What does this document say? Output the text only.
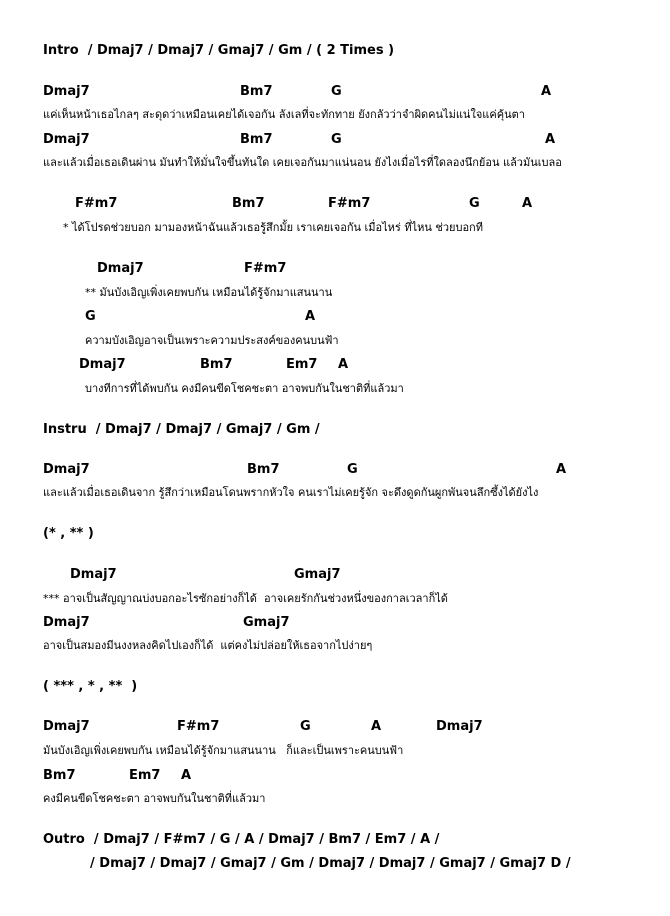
Intro  / Dmaj7 / Dmaj7 / Gmaj7 / Gm / ( 2 Times )
Dmaj7	Bm7	G	A
แค่เห็นหน้าเธอไกลๆ สะดุดว่าเหมือนเคยได้เจอกัน ลังเลที่จะทักทาย ยังกลัวว่าจำผิดคนไม่แน่ใจแค่คุ้นตา
Dmaj7	Bm7	G	A
และแล้วเมื่อเธอเดินผ่าน มันทำให้มั่นใจขึ้นทันใด เคยเจอกันมาแน่นอน ยังไงเมื่อไรที่ใดลองนึกย้อน แล้วมันเบลอ
F#m7	Bm7	F#m7	G	A
* ได้โปรดช่วยบอก มามองหน้าฉันแล้วเธอรู้สึกมั้ย เราเคยเจอกัน เมื่อไหร่ ที่ไหน ช่วยบอกที
Dmaj7	F#m7
** มันบังเอิญเพิ่งเคยพบกัน เหมือนได้รู้จักมาแสนนาน
G	A
ความบังเอิญอาจเป็นเพราะความประสงค์ของคนบนฟ้า
Dmaj7	Bm7	Em7 A
บางทีการที่ได้พบกัน คงมีคนขีดโชคชะตา อาจพบกันในชาติที่แล้วมา
Instru  / Dmaj7 / Dmaj7 / Gmaj7 / Gm /
Dmaj7	Bm7	G	A
และแล้วเมื่อเธอเดินจาก รู้สึกว่าเหมือนโดนพรากหัวใจ คนเราไม่เคยรู้จัก จะดึงดูดกันผูกพันจนลึกซึ้งได้ยังไง
(* , ** )
Dmaj7	Gmaj7
*** อาจเป็นสัญญาณบ่งบอกอะไรซักอย่างก็ได้  อาจเคยรักกันช่วงหนึ่งของกาลเวลาก็ได้
Dmaj7	Gmaj7
อาจเป็นสมองมีนงงหลงคิดไปเองก็ได้  แต่คงไม่ปล่อยให้เธอจากไปง่ายๆ
( *** , * , **  )
Dmaj7	F#m7	G	A	Dmaj7
มันบังเอิญเพิ่งเคยพบกัน เหมือนได้รู้จักมาแสนนาน   ก็และเป็นเพราะคนบนฟ้า
Bm7	Em7 A
คงมีคนขีดโชคชะตา อาจพบกันในชาติที่แล้วมา
Outro  / Dmaj7 / F#m7 / G / A / Dmaj7 / Bm7 / Em7 / A /
/ Dmaj7 / Dmaj7 / Gmaj7 / Gm / Dmaj7 / Dmaj7 / Gmaj7 / Gmaj7 D /
